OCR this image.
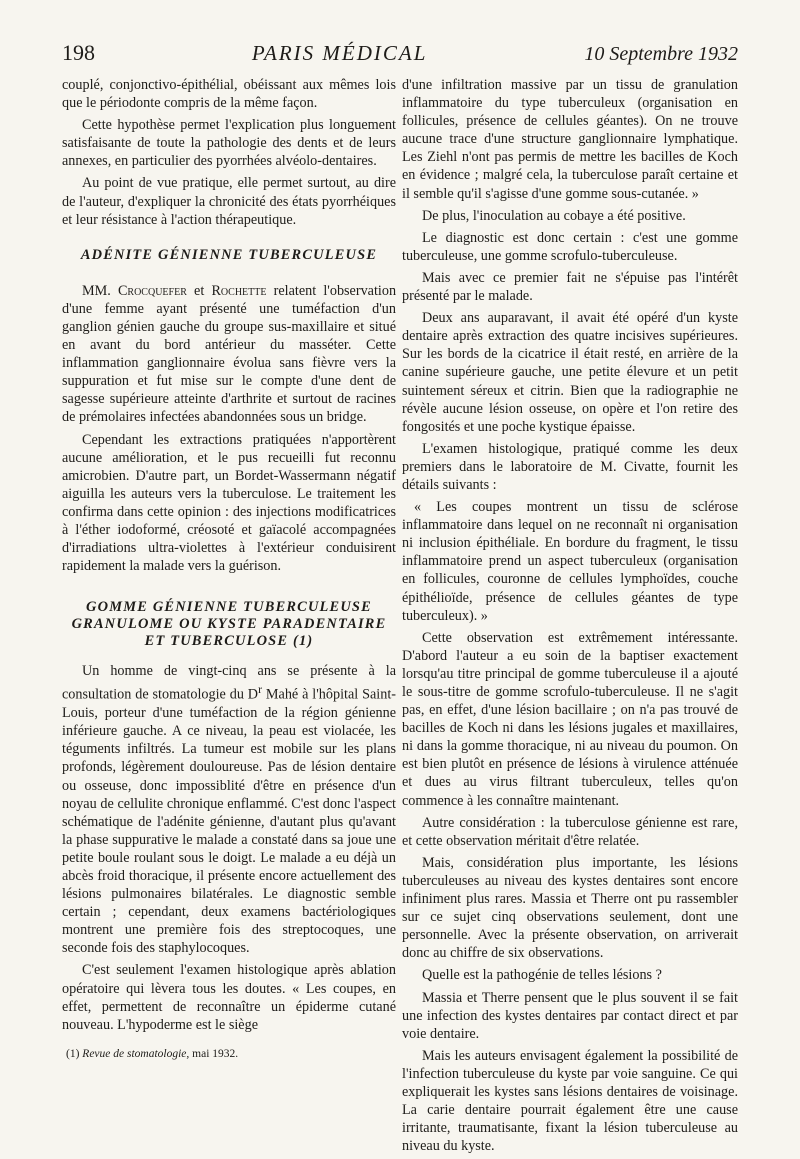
198	PARIS MÉDICAL	10 Septembre 1932

couplé, conjonctivo-épithélial, obéissant aux mêmes lois que le périodonte compris de la même façon.

Cette hypothèse permet l'explication plus longuement satisfaisante de toute la pathologie des dents et de leurs annexes, en particulier des pyorrhées alvéolo-dentaires.

Au point de vue pratique, elle permet surtout, au dire de l'auteur, d'expliquer la chronicité des états pyorrhéiques et leur résistance à l'action thérapeutique.

ADÉNITE GÉNIENNE TUBERCULEUSE

MM. Crocquefer et Rochette relatent l'observation d'une femme ayant présenté une tuméfaction d'un ganglion génien gauche du groupe sus-maxillaire et situé en avant du bord antérieur du masséter. Cette inflammation ganglionnaire évolua sans fièvre vers la suppuration et fut mise sur le compte d'une dent de sagesse supérieure atteinte d'arthrite et surtout de racines de prémolaires infectées abandonnées sous un bridge.

Cependant les extractions pratiquées n'apportèrent aucune amélioration, et le pus recueilli fut reconnu amicrobien. D'autre part, un Bordet-Wassermann négatif aiguilla les auteurs vers la tuberculose. Le traitement les confirma dans cette opinion : des injections modificatrices à l'éther iodoformé, créosoté et gaïacolé accompagnées d'irradiations ultra-violettes à l'extérieur conduisirent rapidement la malade vers la guérison.

GOMME GÉNIENNE TUBERCULEUSE
GRANULOME OU KYSTE PARADENTAIRE
ET TUBERCULOSE (1)

Un homme de vingt-cinq ans se présente à la consultation de stomatologie du $D^r$ Mahé à l'hôpital Saint-Louis, porteur d'une tuméfaction de la région génienne inférieure gauche. A ce niveau, la peau est violacée, les téguments infiltrés. La tumeur est mobile sur les plans profonds, légèrement douloureuse. Pas de lésion dentaire ou osseuse, donc impossiblité d'être en présence d'un noyau de cellulite chronique enflammé. C'est donc l'aspect schématique de l'adénite génienne, d'autant plus qu'avant la phase suppurative le malade a constaté dans sa joue une petite boule roulant sous le doigt. Le malade a eu déjà un abcès froid thoracique, il présente encore actuellement des lésions pulmonaires bilatérales. Le diagnostic semble certain ; cependant, deux examens bactériologiques montrent une première fois des streptocoques, une seconde fois des staphylocoques.

C'est seulement l'examen histologique après ablation opératoire qui lèvera tous les doutes. « Les coupes, en effet, permettent de reconnaître un épiderme cutané nouveau. L'hypoderme est le siège

(1) Revue de stomatologie, mai 1932.

d'une infiltration massive par un tissu de granulation inflammatoire du type tuberculeux (organisation en follicules, présence de cellules géantes). On ne trouve aucune trace d'une structure ganglionnaire lymphatique. Les Ziehl n'ont pas permis de mettre les bacilles de Koch en évidence ; malgré cela, la tuberculose paraît certaine et il semble qu'il s'agisse d'une gomme sous-cutanée. »

De plus, l'inoculation au cobaye a été positive.

Le diagnostic est donc certain : c'est une gomme tuberculeuse, une gomme scrofulo-tuberculeuse.

Mais avec ce premier fait ne s'épuise pas l'intérêt présenté par le malade.

Deux ans auparavant, il avait été opéré d'un kyste dentaire après extraction des quatre incisives supérieures. Sur les bords de la cicatrice il était resté, en arrière de la canine supérieure gauche, une petite élevure et un petit suintement séreux et citrin. Bien que la radiographie ne révèle aucune lésion osseuse, on opère et l'on retire des fongosités et une poche kystique épaisse.

L'examen histologique, pratiqué comme les deux premiers dans le laboratoire de M. Civatte, fournit les détails suivants :

« Les coupes montrent un tissu de sclérose inflammatoire dans lequel on ne reconnaît ni organisation ni inclusion épithéliale. En bordure du fragment, le tissu inflammatoire prend un aspect tuberculeux (organisation en follicules, couronne de cellules lymphoïdes, couche épithélioïde, présence de cellules géantes de type tuberculeux). »

Cette observation est extrêmement intéressante. D'abord l'auteur a eu soin de la baptiser exactement lorsqu'au titre principal de gomme tuberculeuse il a ajouté le sous-titre de gomme scrofulo-tuberculeuse. Il ne s'agit pas, en effet, d'une lésion bacillaire ; on n'a pas trouvé de bacilles de Koch ni dans les lésions jugales et maxillaires, ni dans la gomme thoracique, ni au niveau du poumon. On est bien plutôt en présence de lésions à virulence atténuée et dues au virus filtrant tuberculeux, telles qu'on commence à les connaître maintenant.

Autre considération : la tuberculose génienne est rare, et cette observation méritait d'être relatée.

Mais, considération plus importante, les lésions tuberculeuses au niveau des kystes dentaires sont encore infiniment plus rares. Massia et Therre ont pu rassembler sur ce sujet cinq observations seulement, dont une personnelle. Avec la présente observation, on arriverait donc au chiffre de six observations.

Quelle est la pathogénie de telles lésions ?

Massia et Therre pensent que le plus souvent il se fait une infection des kystes dentaires par contact direct et par voie dentaire.

Mais les auteurs envisagent également la possibilité de l'infection tuberculeuse du kyste par voie sanguine. Ce qui expliquerait les kystes sans lésions dentaires de voisinage. La carie dentaire pourrait également être une cause irritante, traumatisante, fixant la lésion tuberculeuse au niveau du kyste.
